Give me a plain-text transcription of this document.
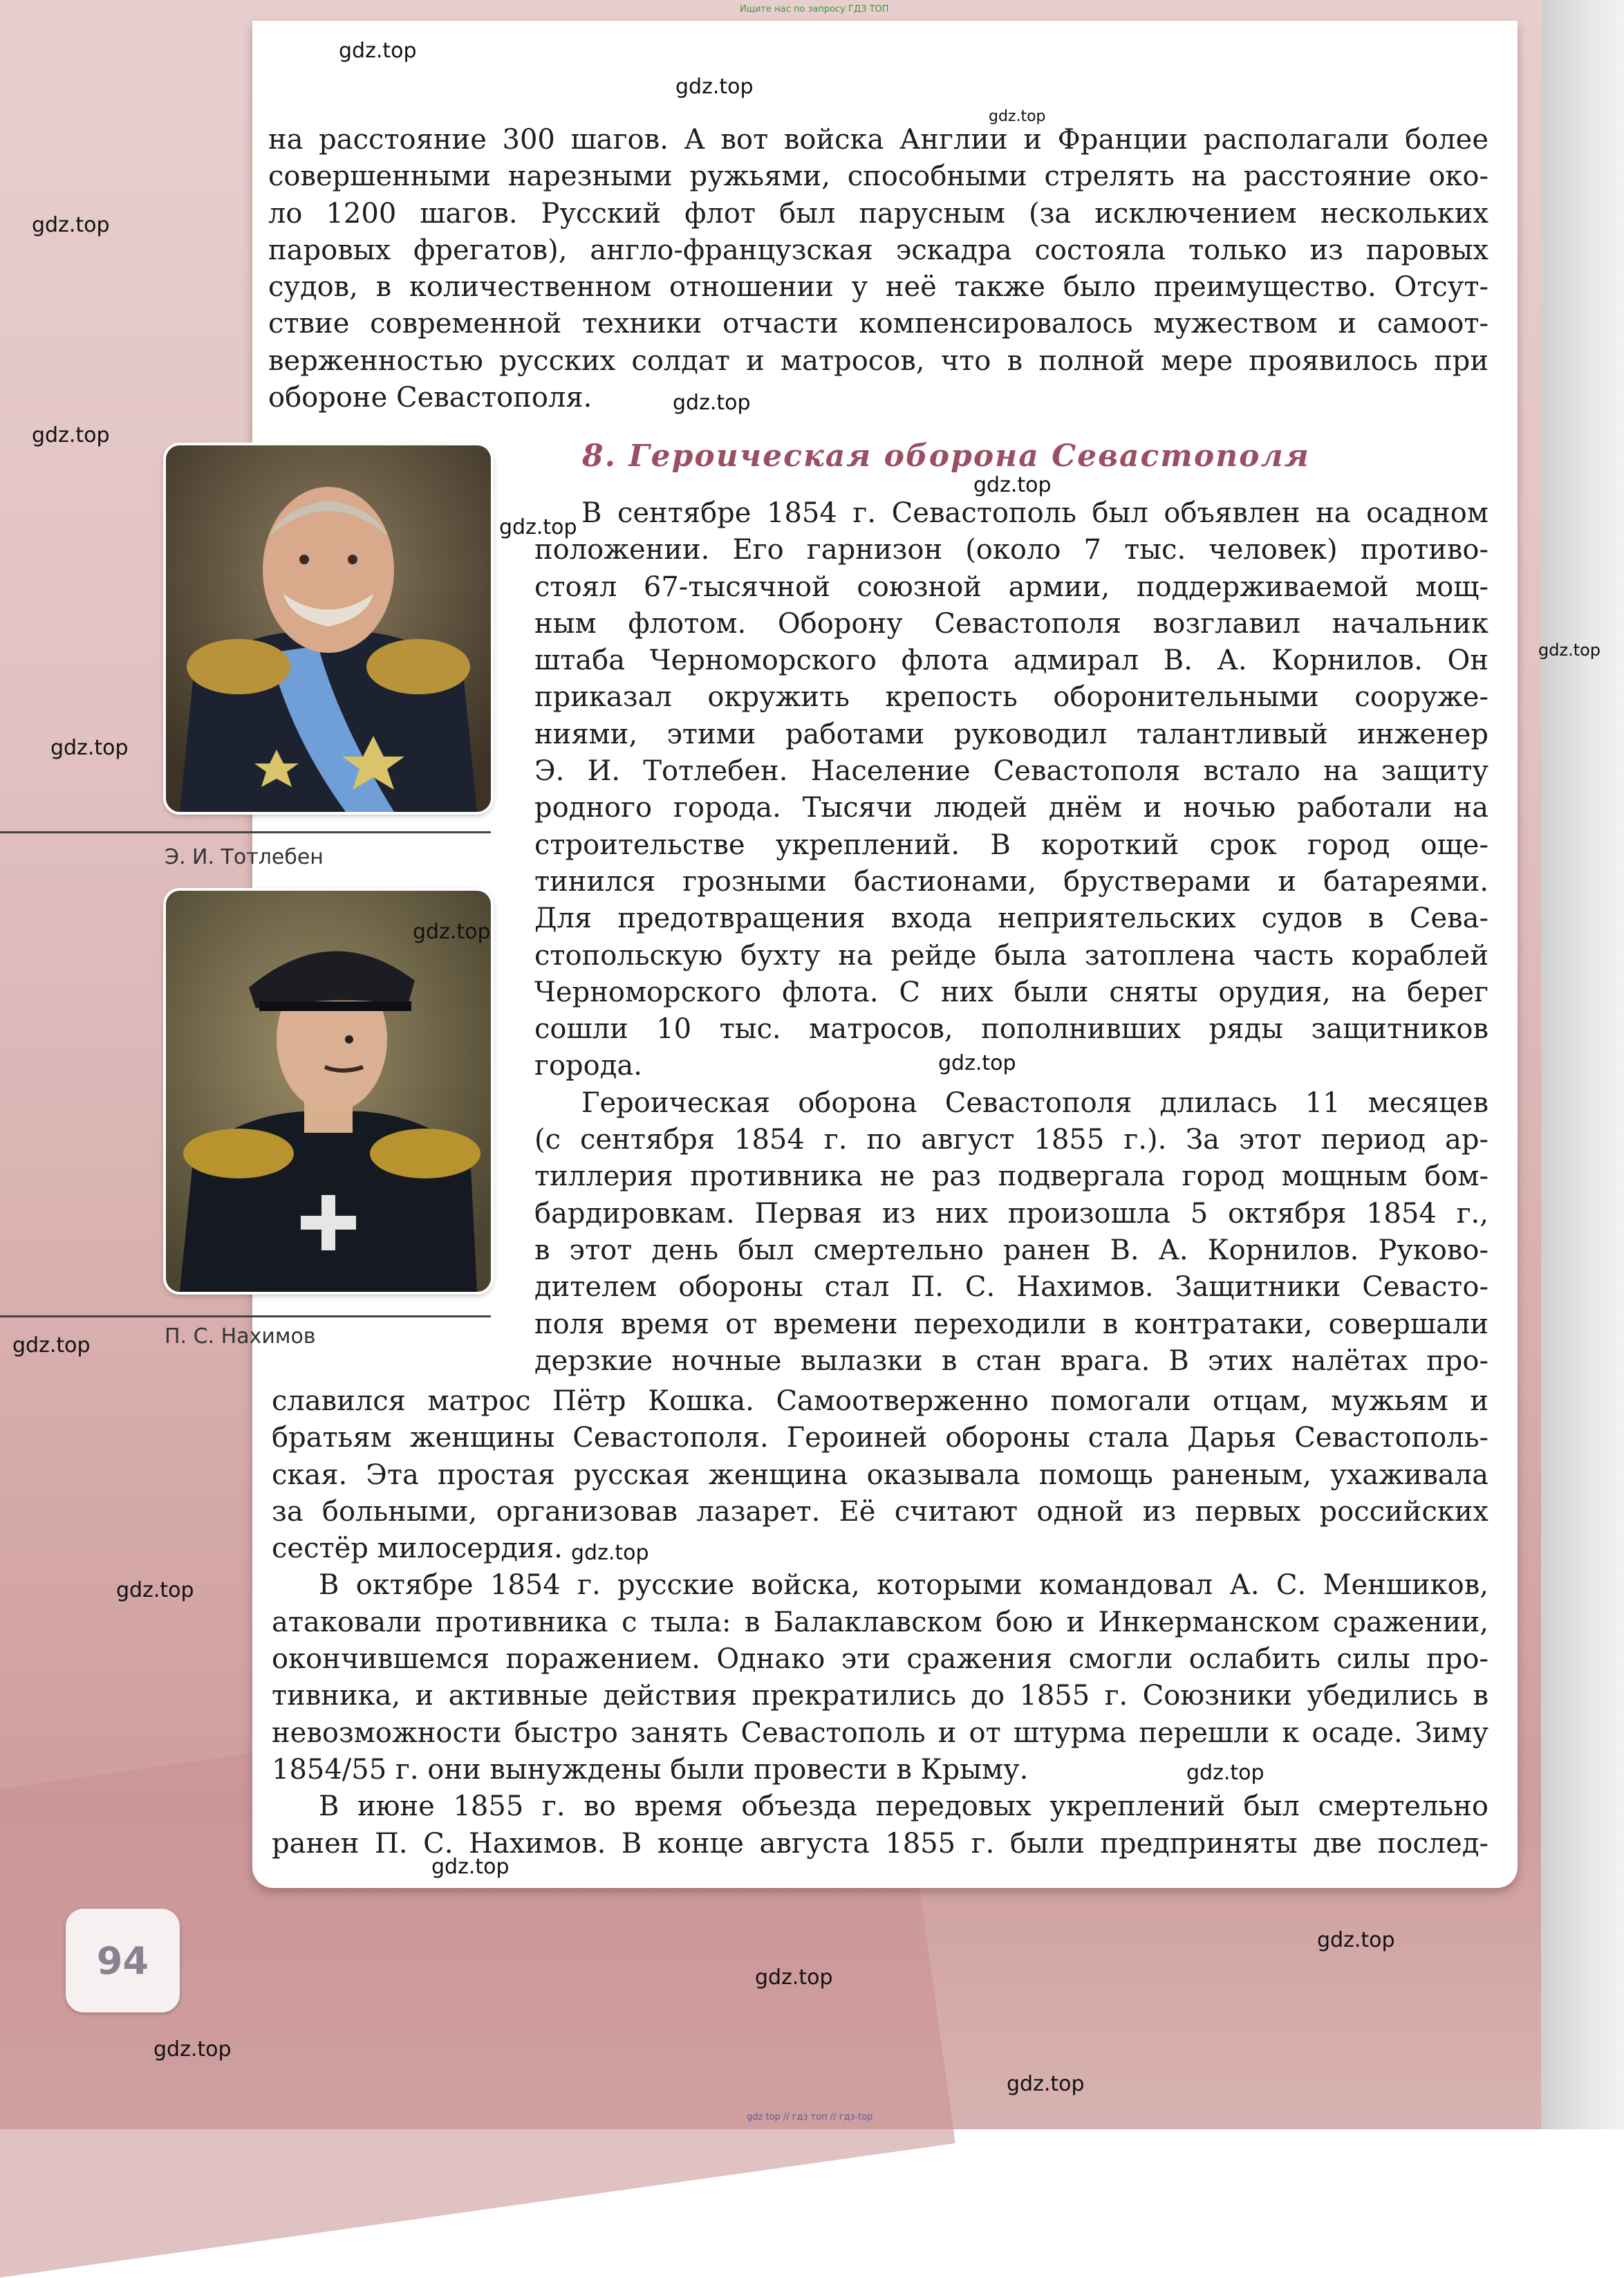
Ищите нас по запросу ГДЗ ТОП
на расстояние 300 шагов. А вот войска Англии и Франции располагали более
совершенными нарезными ружьями, способными стрелять на расстояние око-
ло 1200 шагов. Русский флот был парусным (за исключением нескольких
паровых фрегатов), англо-французская эскадра состояла только из паровых
судов, в количественном отношении у неё также было преимущество. Отсут-
ствие современной техники отчасти компенсировалось мужеством и самоот-
верженностью русских солдат и матросов, что в полной мере проявилось при
обороне Севастополя.
8. Героическая оборона Севастополя
В сентябре 1854 г. Севастополь был объявлен на осадном
положении. Его гарнизон (около 7 тыс. человек) противо-
стоял 67-тысячной союзной армии, поддерживаемой мощ-
ным флотом. Оборону Севастополя возглавил начальник
штаба Черноморского флота адмирал В. А. Корнилов. Он
приказал окружить крепость оборонительными сооруже-
ниями, этими работами руководил талантливый инженер
Э. И. Тотлебен. Население Севастополя встало на защиту
родного города. Тысячи людей днём и ночью работали на
строительстве укреплений. В короткий срок город още-
тинился грозными бастионами, брустверами и батареями.
Для предотвращения входа неприятельских судов в Сева-
стопольскую бухту на рейде была затоплена часть кораблей
Черноморского флота. С них были сняты орудия, на берег
сошли 10 тыс. матросов, пополнивших ряды защитников
города.
Героическая оборона Севастополя длилась 11 месяцев
(с сентября 1854 г. по август 1855 г.). За этот период ар-
тиллерия противника не раз подвергала город мощным бом-
бардировкам. Первая из них произошла 5 октября 1854 г.,
в этот день был смертельно ранен В. А. Корнилов. Руково-
дителем обороны стал П. С. Нахимов. Защитники Севасто-
поля время от времени переходили в контратаки, совершали
дерзкие ночные вылазки в стан врага. В этих налётах про-
славился матрос Пётр Кошка. Самоотверженно помогали отцам, мужьям и
братьям женщины Севастополя. Героиней обороны стала Дарья Севастополь-
ская. Эта простая русская женщина оказывала помощь раненым, ухаживала
за больными, организовав лазарет. Её считают одной из первых российских
сестёр милосердия.
В октябре 1854 г. русские войска, которыми командовал А. С. Меншиков,
атаковали противника с тыла: в Балаклавском бою и Инкерманском сражении,
окончившемся поражением. Однако эти сражения смогли ослабить силы про-
тивника, и активные действия прекратились до 1855 г. Союзники убедились в
невозможности быстро занять Севастополь и от штурма перешли к осаде. Зиму
1854/55 г. они вынуждены были провести в Крыму.
В июне 1855 г. во время объезда передовых укреплений был смертельно
ранен П. С. Нахимов. В конце августа 1855 г. были предприняты две послед-
Э. И. Тотлебен
П. С. Нахимов
94
gdz.top
gdz.top
gdz.top
gdz.top
gdz.top
gdz.top
gdz.top
gdz.top
gdz.top
gdz.top
gdz.top
gdz.top
gdz.top
gdz.top
gdz.top
gdz.top
gdz.top
gdz.top
gdz.top
gdz.top
gdz.top
gdz top // гдз топ // гдз-top
